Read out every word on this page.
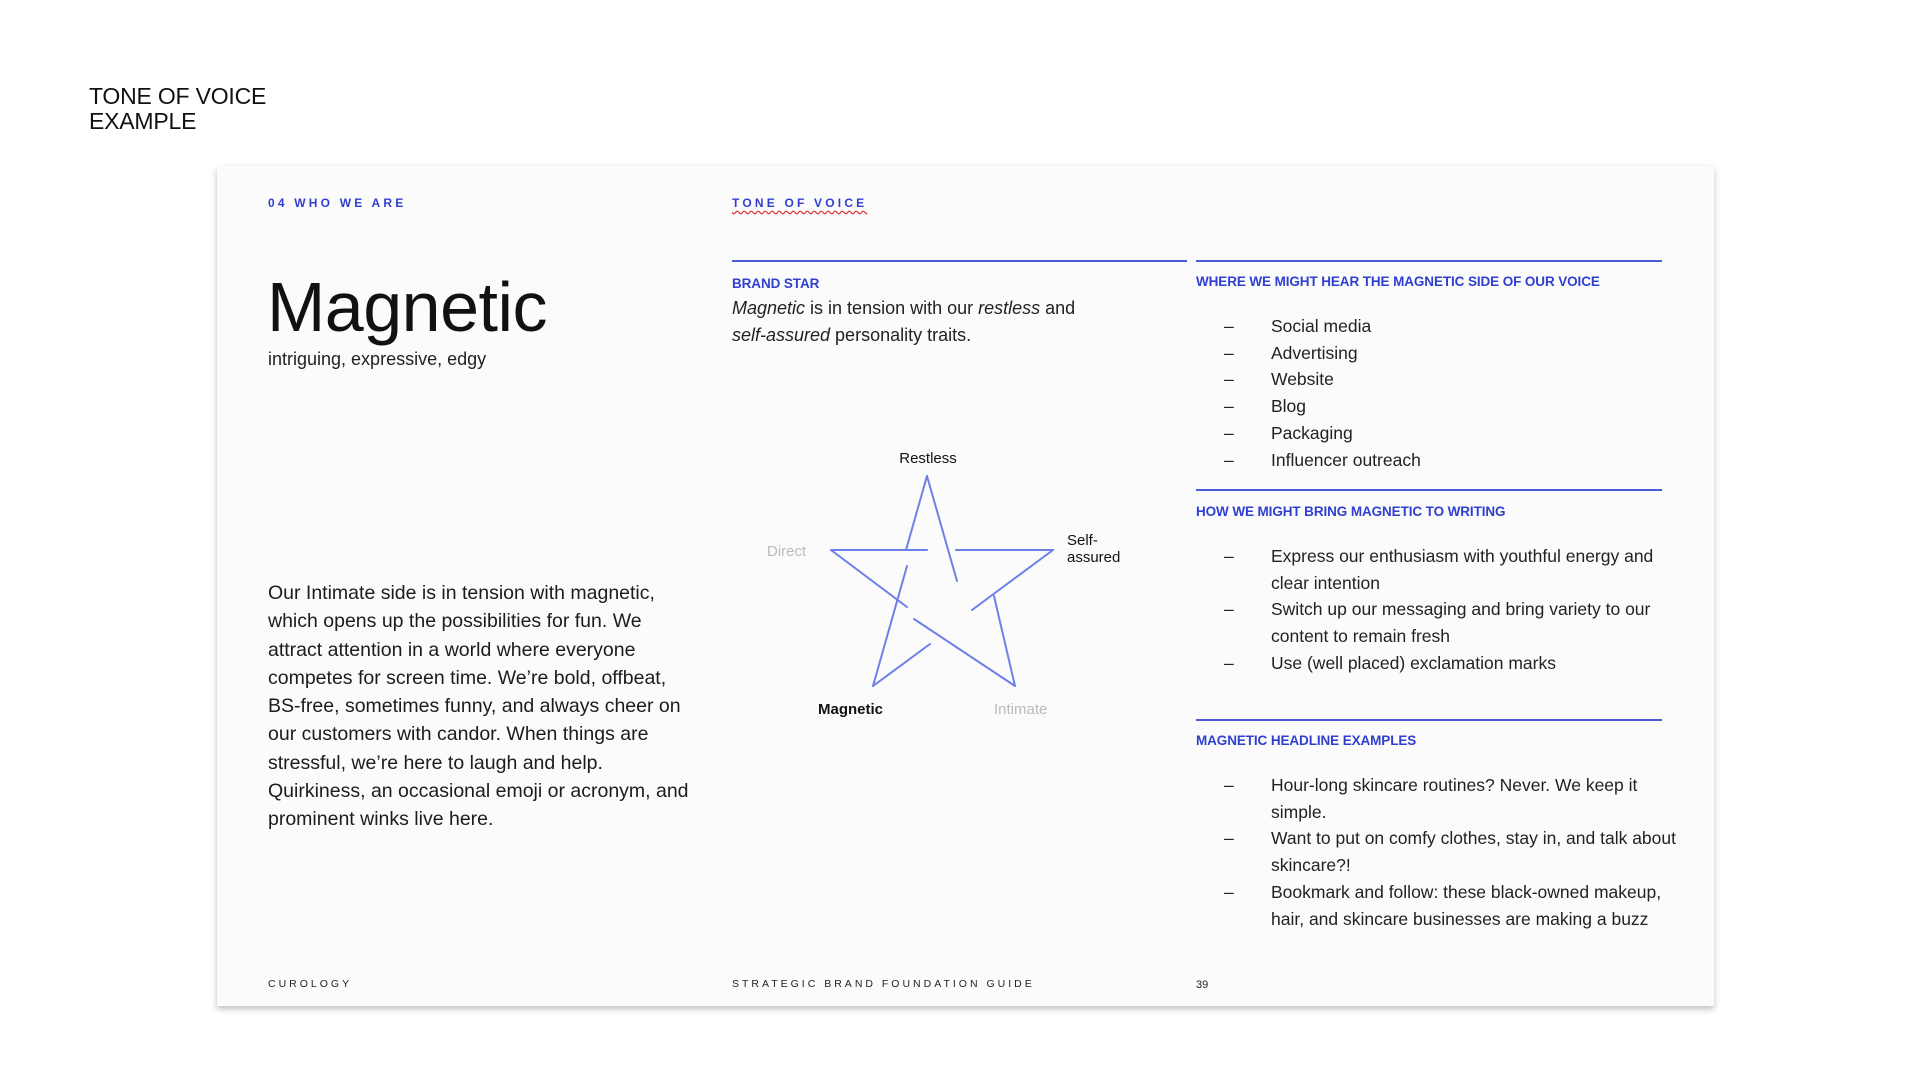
TONE OF VOICE
EXAMPLE
04 WHO WE ARE	TONE OF VOICE
Magnetic
intriguing, expressive, edgy
Our Intimate side is in tension with magnetic, which opens up the possibilities for fun. We attract attention in a world where everyone competes for screen time. We’re bold, offbeat, BS-free, sometimes funny, and always cheer on our customers with candor. When things are stressful, we’re here to laugh and help. Quirkiness, an occasional emoji or acronym, and prominent winks live here.
BRAND STAR
Magnetic is in tension with our restless and
self-assured personality traits.
Restless
Direct
Self-
assured
Magnetic	Intimate
WHERE WE MIGHT HEAR THE MAGNETIC SIDE OF OUR VOICE
– Social media
– Advertising
– Website
– Blog
– Packaging
– Influencer outreach
HOW WE MIGHT BRING MAGNETIC TO WRITING
– Express our enthusiasm with youthful energy and clear intention
– Switch up our messaging and bring variety to our content to remain fresh
– Use (well placed) exclamation marks
MAGNETIC HEADLINE EXAMPLES
– Hour-long skincare routines? Never. We keep it simple.
– Want to put on comfy clothes, stay in, and talk about skincare?!
– Bookmark and follow: these black-owned makeup, hair, and skincare businesses are making a buzz
CUROLOGY	STRATEGIC BRAND FOUNDATION GUIDE	39
